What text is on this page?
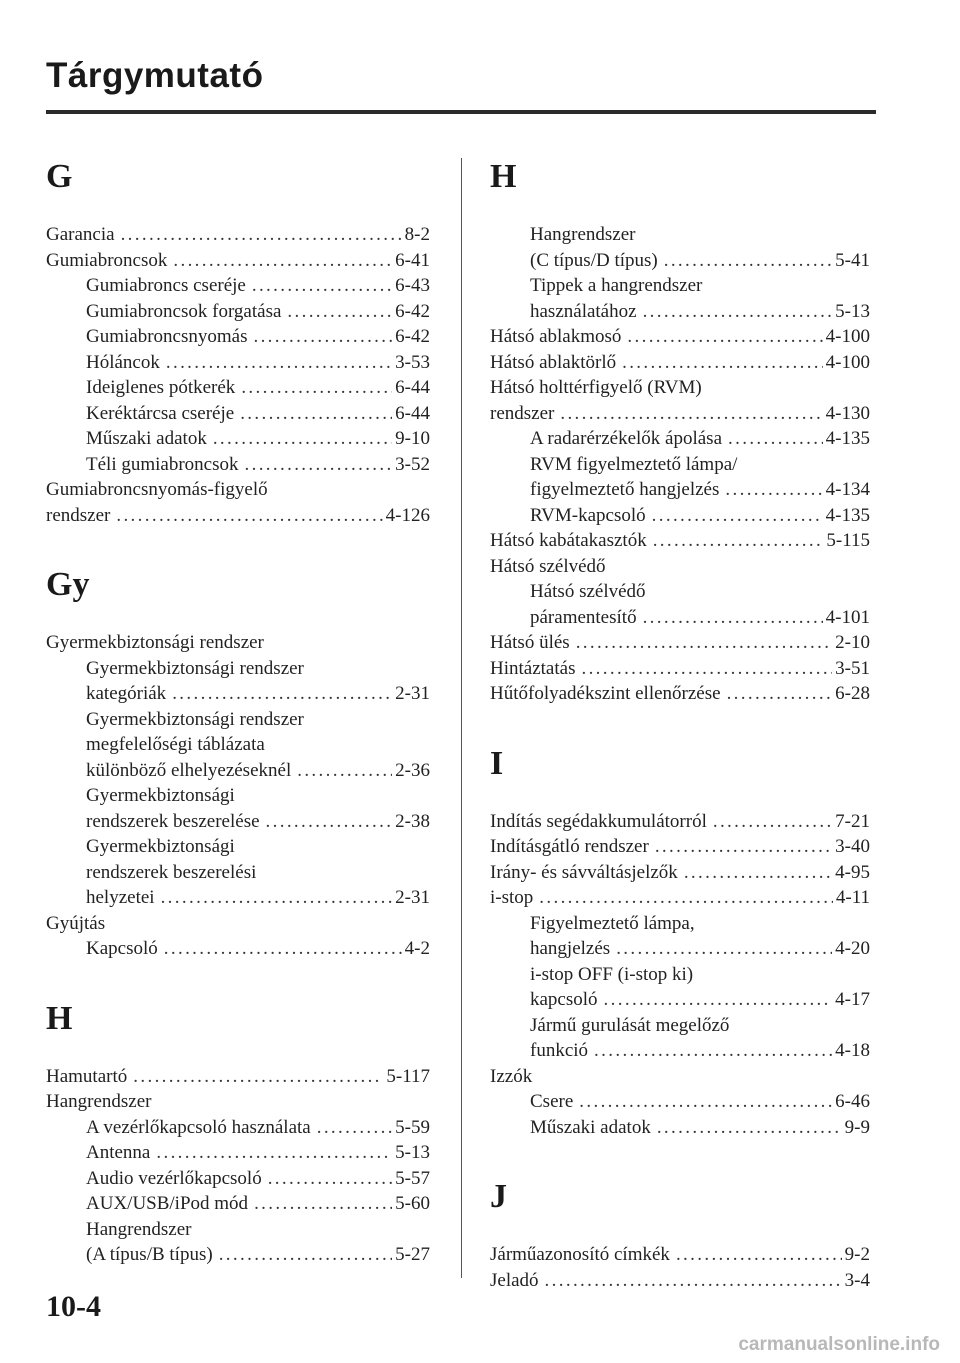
Tárgymutató
G
Garancia . . .	8-2
Gumiabroncsok . . .	6-41
Gumiabroncs cseréje . . .	6-43
Gumiabroncsok forgatása . . .	6-42
Gumiabroncsnyomás . . .	6-42
Hóláncok . . .	3-53
Ideiglenes pótkerék . . .	6-44
Keréktárcsa cseréje . . .	6-44
Műszaki adatok . . .	9-10
Téli gumiabroncsok . . .	3-52
Gumiabroncsnyomás-figyelő
rendszer . . .	4-126
Gy
Gyermekbiztonsági rendszer
Gyermekbiztonsági rendszer
kategóriák . . .	2-31
Gyermekbiztonsági rendszer
megfelelőségi táblázata
különböző elhelyezéseknél . . .	2-36
Gyermekbiztonsági
rendszerek beszerelése . . .	2-38
Gyermekbiztonsági
rendszerek beszerelési
helyzetei . . .	2-31
Gyújtás
Kapcsoló . . .	4-2
H
Hamutartó . . .	5-117
Hangrendszer
A vezérlőkapcsoló használata . . .	5-59
Antenna . . .	5-13
Audio vezérlőkapcsoló . . .	5-57
AUX/USB/iPod mód . . .	5-60
Hangrendszer
(A típus/B típus) . . .	5-27
H
Hangrendszer
(C típus/D típus) . . .	5-41
Tippek a hangrendszer
használatához . . .	5-13
Hátsó ablakmosó . . .	4-100
Hátsó ablaktörlő . . .	4-100
Hátsó holttérfigyelő (RVM)
rendszer . . .	4-130
A radarérzékelők ápolása . . .	4-135
RVM figyelmeztető lámpa/
figyelmeztető hangjelzés . . .	4-134
RVM-kapcsoló . . .	4-135
Hátsó kabátakasztók . . .	5-115
Hátsó szélvédő
Hátsó szélvédő
páramentesítő . . .	4-101
Hátsó ülés . . .	2-10
Hintáztatás . . .	3-51
Hűtőfolyadékszint ellenőrzése . . .	6-28
I
Indítás segédakkumulátorról . . .	7-21
Indításgátló rendszer . . .	3-40
Irány- és sávváltásjelzők . . .	4-95
i-stop . . .	4-11
Figyelmeztető lámpa,
hangjelzés . . .	4-20
i-stop OFF (i-stop ki)
kapcsoló . . .	4-17
Jármű gurulását megelőző
funkció . . .	4-18
Izzók
Csere . . .	6-46
Műszaki adatok . . .	9-9
J
Járműazonosító címkék . . .	9-2
Jeladó . . .	3-4
10-4
carmanualsonline.info
